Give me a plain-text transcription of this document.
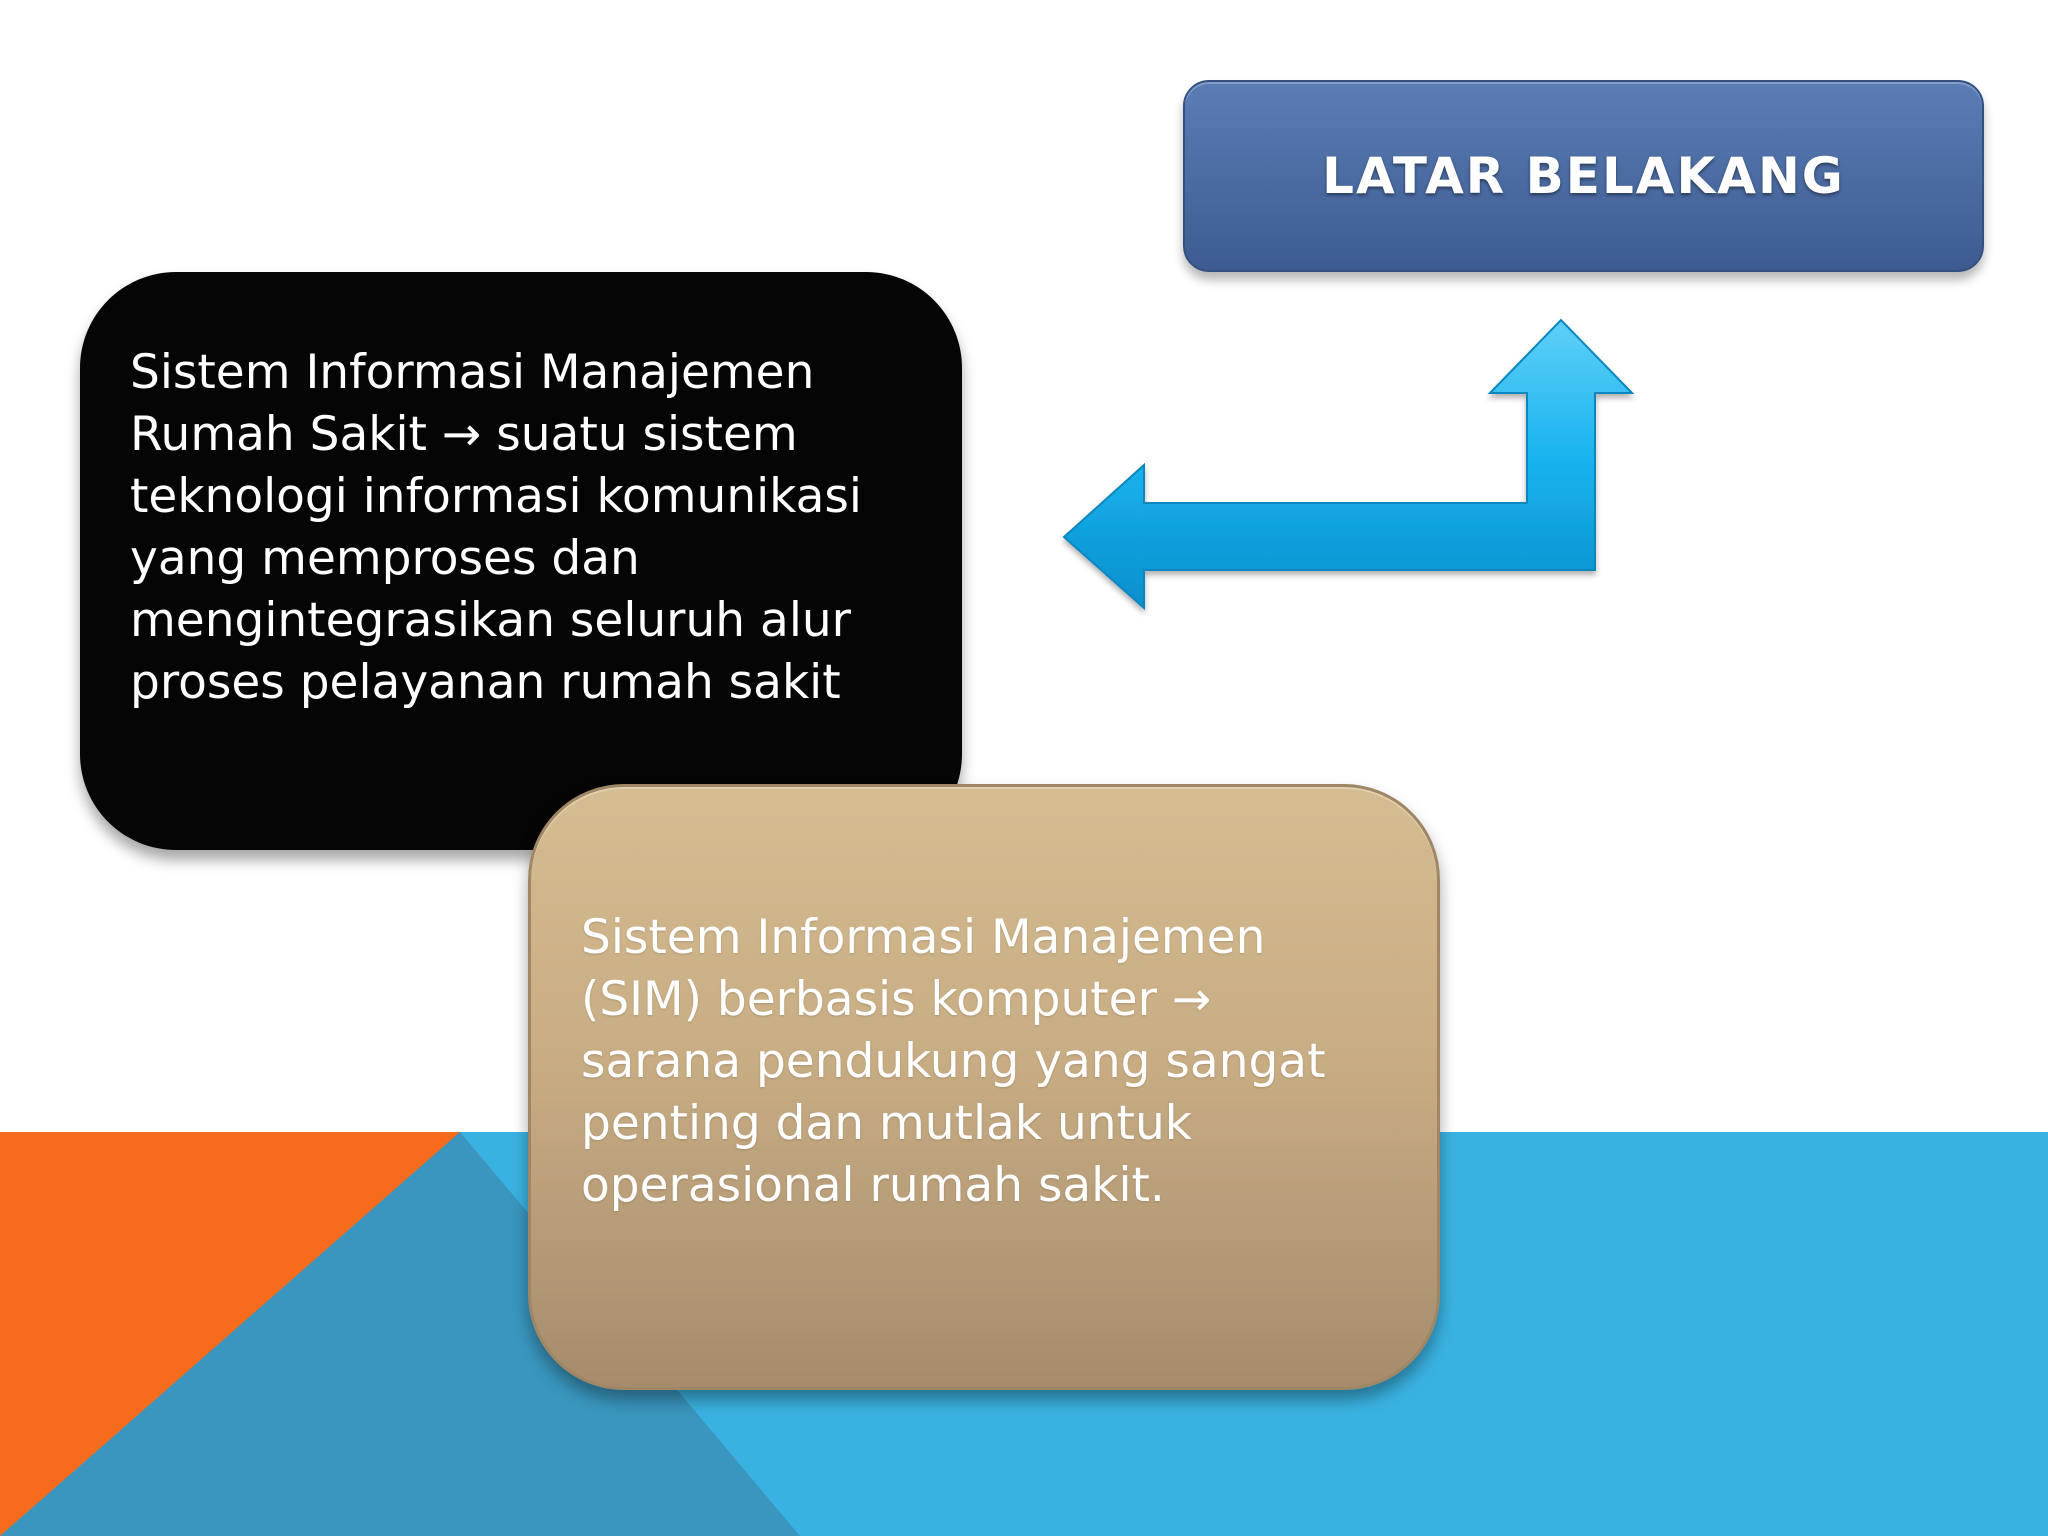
LATAR BELAKANG

Sistem Informasi Manajemen
Rumah Sakit → suatu sistem
teknologi informasi komunikasi
yang memproses dan
mengintegrasikan seluruh alur
proses pelayanan rumah sakit

Sistem Informasi Manajemen
(SIM) berbasis komputer →
sarana pendukung yang sangat
penting dan mutlak untuk
operasional rumah sakit.
